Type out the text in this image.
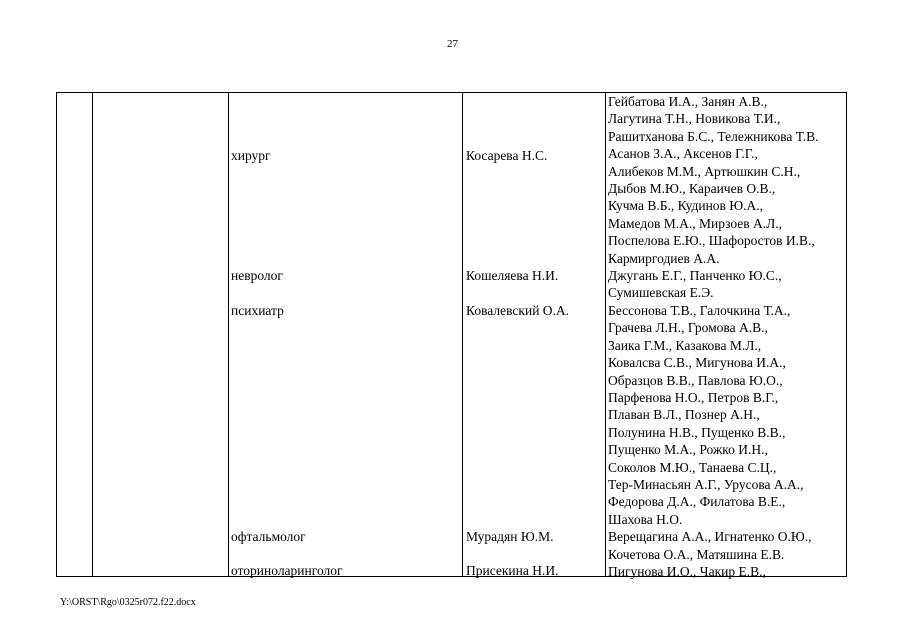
27
хирург
невролог
психиатр
офтальмолог
оториноларинголог
Косарева Н.С.
Кошеляева Н.И.
Ковалевский О.А.
Мурадян Ю.М.
Присекина Н.И.
Гейбатова И.А., Занян А.В.,
Лагутина Т.Н., Новикова Т.И.,
Рашитханова Б.С., Тележникова Т.В.
Асанов З.А., Аксенов Г.Г.,
Алибеков М.М., Артюшкин С.Н.,
Дыбов М.Ю., Караичев О.В.,
Кучма В.Б., Кудинов Ю.А.,
Мамедов М.А., Мирзоев А.Л.,
Поспелова Е.Ю., Шафоростов И.В.,
Кармиргодиев А.А.
Джугань Е.Г., Панченко Ю.С.,
Сумишевская Е.Э.
Бессонова Т.В., Галочкина Т.А.,
Грачева Л.Н., Громова А.В.,
Заика Г.М., Казакова М.Л.,
Ковалсва С.В., Мигунова И.А.,
Образцов В.В., Павлова Ю.О.,
Парфенова Н.О., Петров В.Г.,
Плаван В.Л., Познер А.Н.,
Полунина Н.В., Пущенко В.В.,
Пущенко М.А., Рожко И.Н.,
Соколов М.Ю., Танаева С.Ц.,
Тер-Минасьян А.Г., Урусова А.А.,
Федорова Д.А., Филатова В.Е.,
Шахова Н.О.
Верещагина А.А., Игнатенко О.Ю.,
Кочетова О.А., Матяшина Е.В.
Пигунова И.О., Чакир Е.В.,
Y:\ORST\Rgo\0325r072.f22.docx
